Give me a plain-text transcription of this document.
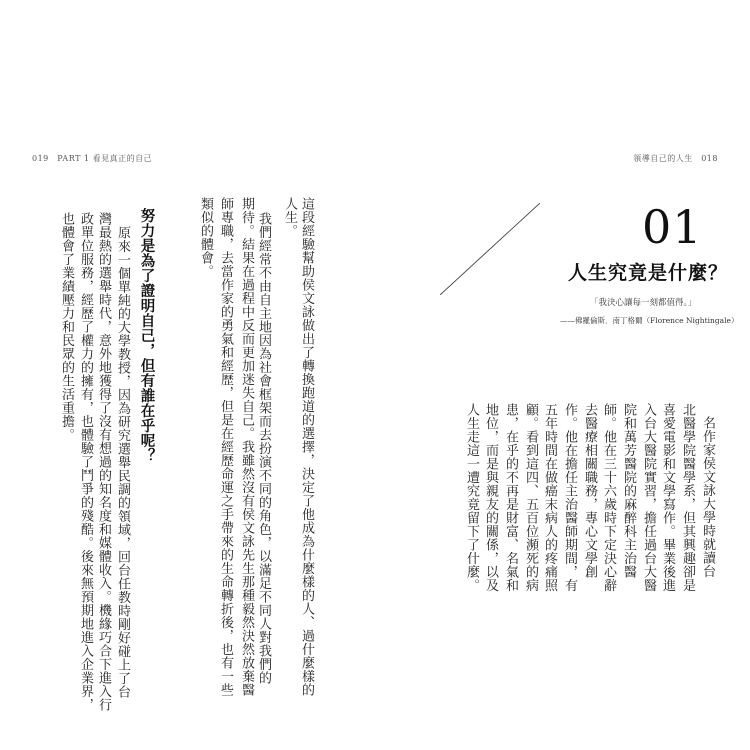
019　PART 1 看見真正的自己	領導自己的人生　018
這段經驗幫助侯文詠做出了轉換跑道的選擇，決定了他成為什麼樣的人、過什麼樣的
人生。
我們經常不由自主地因為社會框架而去扮演不同的角色，以滿足不同人對我們的
期待。結果在過程中反而更加迷失自己。我雖然沒有侯文詠先生那種毅然決然放棄醫
師專職，去當作家的勇氣和經歷，但是在經歷命運之手帶來的生命轉折後，也有一些
類似的體會。
努力是為了證明自己，但有誰在乎呢？
原來一個單純的大學教授，因為研究選舉民調的領域，回台任教時剛好碰上了台
灣最熱的選舉時代，意外地獲得了沒有想過的知名度和媒體收入。機緣巧合下進入行
政單位服務，經歷了權力的擁有，也體驗了鬥爭的殘酷。後來無預期地進入企業界，
也體會了業績壓力和民眾的生活重擔。	01
人生究竟是什麼？
「我決心讓每一刻都值得。」
——佛羅倫斯．南丁格爾（Florence Nightingale）
名作家侯文詠大學時就讀台
北醫學院醫學系，但其興趣卻是
喜愛電影和文學寫作。畢業後進
入台大醫院實習，擔任過台大醫
院和萬芳醫院的麻醉科主治醫
師。他在三十六歲時下定決心辭
去醫療相關職務，專心文學創
作。他在擔任主治醫師期間，有
五年時間在做癌末病人的疼痛照
顧。看到這四、五百位瀕死的病
患，在乎的不再是財富、名氣和
地位，而是與親友的關係，以及
人生走這一遭究竟留下了什麼。
